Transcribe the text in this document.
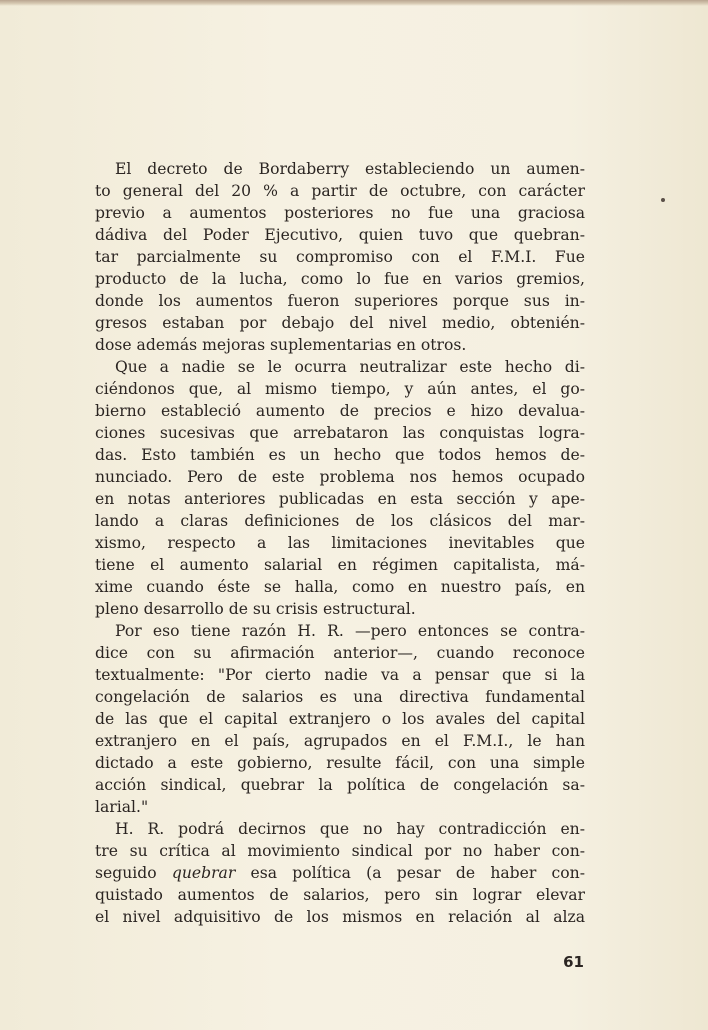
El decreto de Bordaberry estableciendo un aumen-
to general del 20 % a partir de octubre, con carácter
previo a aumentos posteriores no fue una graciosa
dádiva del Poder Ejecutivo, quien tuvo que quebran-
tar parcialmente su compromiso con el F.M.I. Fue
producto de la lucha, como lo fue en varios gremios,
donde los aumentos fueron superiores porque sus in-
gresos estaban por debajo del nivel medio, obtenién-
dose además mejoras suplementarias en otros.
Que a nadie se le ocurra neutralizar este hecho di-
ciéndonos que, al mismo tiempo, y aún antes, el go-
bierno estableció aumento de precios e hizo devalua-
ciones sucesivas que arrebataron las conquistas logra-
das. Esto también es un hecho que todos hemos de-
nunciado. Pero de este problema nos hemos ocupado
en notas anteriores publicadas en esta sección y ape-
lando a claras definiciones de los clásicos del mar-
xismo, respecto a las limitaciones inevitables que
tiene el aumento salarial en régimen capitalista, má-
xime cuando éste se halla, como en nuestro país, en
pleno desarrollo de su crisis estructural.
Por eso tiene razón H. R. —pero entonces se contra-
dice con su afirmación anterior—, cuando reconoce
textualmente: "Por cierto nadie va a pensar que si la
congelación de salarios es una directiva fundamental
de las que el capital extranjero o los avales del capital
extranjero en el país, agrupados en el F.M.I., le han
dictado a este gobierno, resulte fácil, con una simple
acción sindical, quebrar la política de congelación sa-
larial."
H. R. podrá decirnos que no hay contradicción en-
tre su crítica al movimiento sindical por no haber con-
seguido quebrar esa política (a pesar de haber con-
quistado aumentos de salarios, pero sin lograr elevar
el nivel adquisitivo de los mismos en relación al alza
61
